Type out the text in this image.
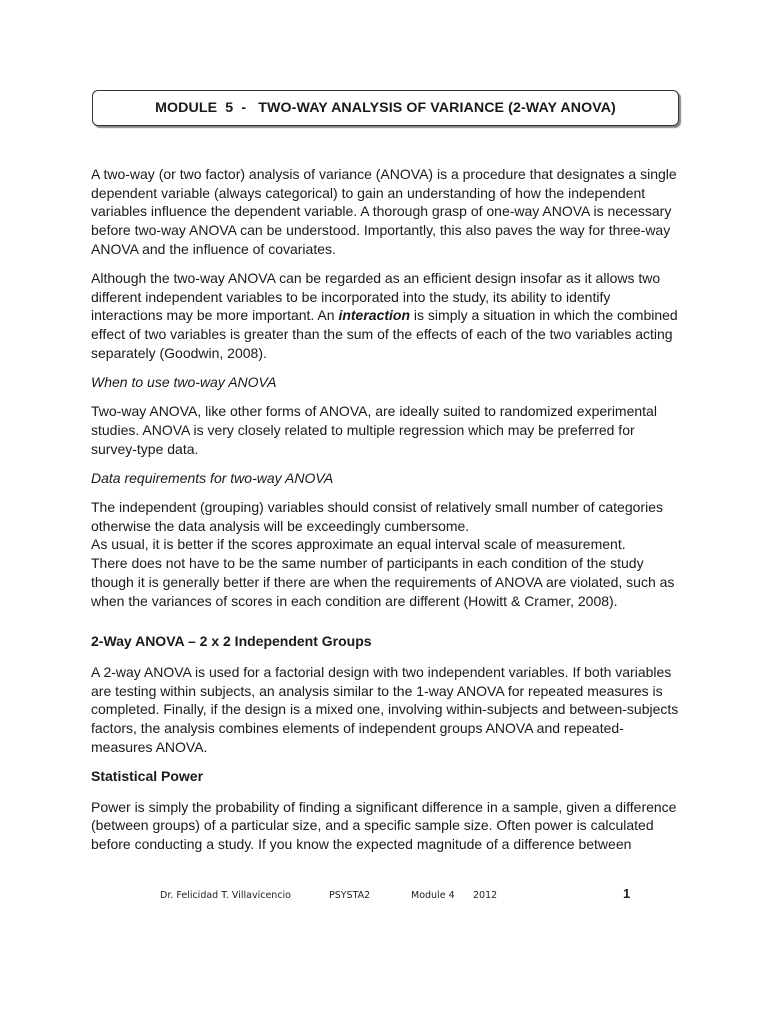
MODULE  5  -   TWO-WAY ANALYSIS OF VARIANCE (2-WAY ANOVA)

A two-way (or two factor) analysis of variance (ANOVA) is a procedure that designates a single dependent variable (always categorical) to gain an understanding of how the independent variables influence the dependent variable. A thorough grasp of one-way ANOVA is necessary before two-way ANOVA can be understood. Importantly, this also paves the way for three-way ANOVA and the influence of covariates.

Although the two-way ANOVA can be regarded as an efficient design insofar as it allows two different independent variables to be incorporated into the study, its ability to identify interactions may be more important. An interaction is simply a situation in which the combined effect of two variables is greater than the sum of the effects of each of the two variables acting separately (Goodwin, 2008).

When to use two-way ANOVA

Two-way ANOVA, like other forms of ANOVA, are ideally suited to randomized experimental studies. ANOVA is very closely related to multiple regression which may be preferred for survey-type data.

Data requirements for two-way ANOVA

The independent (grouping) variables should consist of relatively small number of categories otherwise the data analysis will be exceedingly cumbersome.

As usual, it is better if the scores approximate an equal interval scale of measurement.

There does not have to be the same number of participants in each condition of the study though it is generally better if there are when the requirements of ANOVA are violated, such as when the variances of scores in each condition are different (Howitt & Cramer, 2008).

2-Way ANOVA – 2 x 2 Independent Groups

A 2-way ANOVA is used for a factorial design with two independent variables. If both variables are testing within subjects, an analysis similar to the 1-way ANOVA for repeated measures is completed. Finally, if the design is a mixed one, involving within-subjects and between-subjects factors, the analysis combines elements of independent groups ANOVA and repeated-measures ANOVA.

Statistical Power

Power is simply the probability of finding a significant difference in a sample, given a difference (between groups) of a particular size, and a specific sample size. Often power is calculated before conducting a study. If you know the expected magnitude of a difference between

Dr. Felicidad T. Villavicencio	PSYSTA2	Module 4 2012	1
